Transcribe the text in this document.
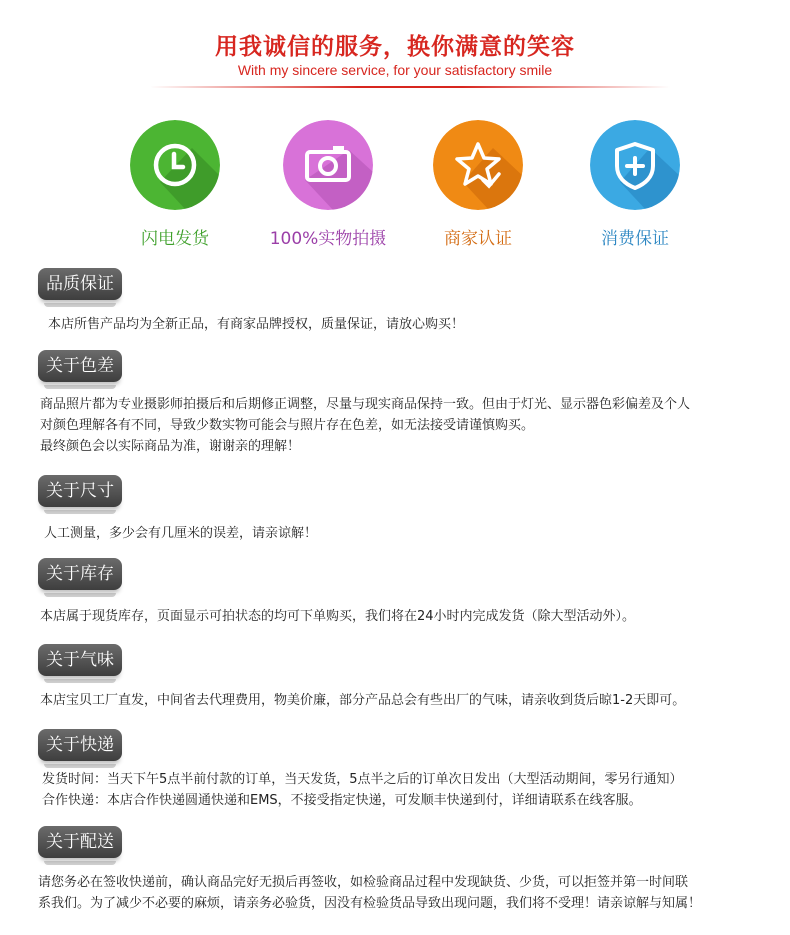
用我诚信的服务，换你满意的笑容
With my sincere service, for your satisfactory smile
闪电发货	100%实物拍摄	商家认证	消费保证
品质保证

本店所售产品均为全新正品，有商家品牌授权，质量保证，请放心购买！

关于色差

商品照片都为专业摄影师拍摄后和后期修正调整，尽量与现实商品保持一致。但由于灯光、显示器色彩偏差及个人

对颜色理解各有不同，导致少数实物可能会与照片存在色差，如无法接受请谨慎购买。

最终颜色会以实际商品为准，谢谢亲的理解！

关于尺寸

人工测量，多少会有几厘米的误差，请亲谅解！

关于库存

本店属于现货库存，页面显示可拍状态的均可下单购买，我们将在24小时内完成发货（除大型活动外）。

关于气味

本店宝贝工厂直发，中间省去代理费用，物美价廉，部分产品总会有些出厂的气味，请亲收到货后晾1-2天即可。

关于快递

发货时间：当天下午5点半前付款的订单，当天发货，5点半之后的订单次日发出（大型活动期间，零另行通知）

合作快递：本店合作快递圆通快递和EMS，不接受指定快递，可发顺丰快递到付，详细请联系在线客服。

关于配送

请您务必在签收快递前，确认商品完好无损后再签收，如检验商品过程中发现缺货、少货，可以拒签并第一时间联

系我们。为了减少不必要的麻烦，请亲务必验货，因没有检验货品导致出现问题，我们将不受理！请亲谅解与知属！
